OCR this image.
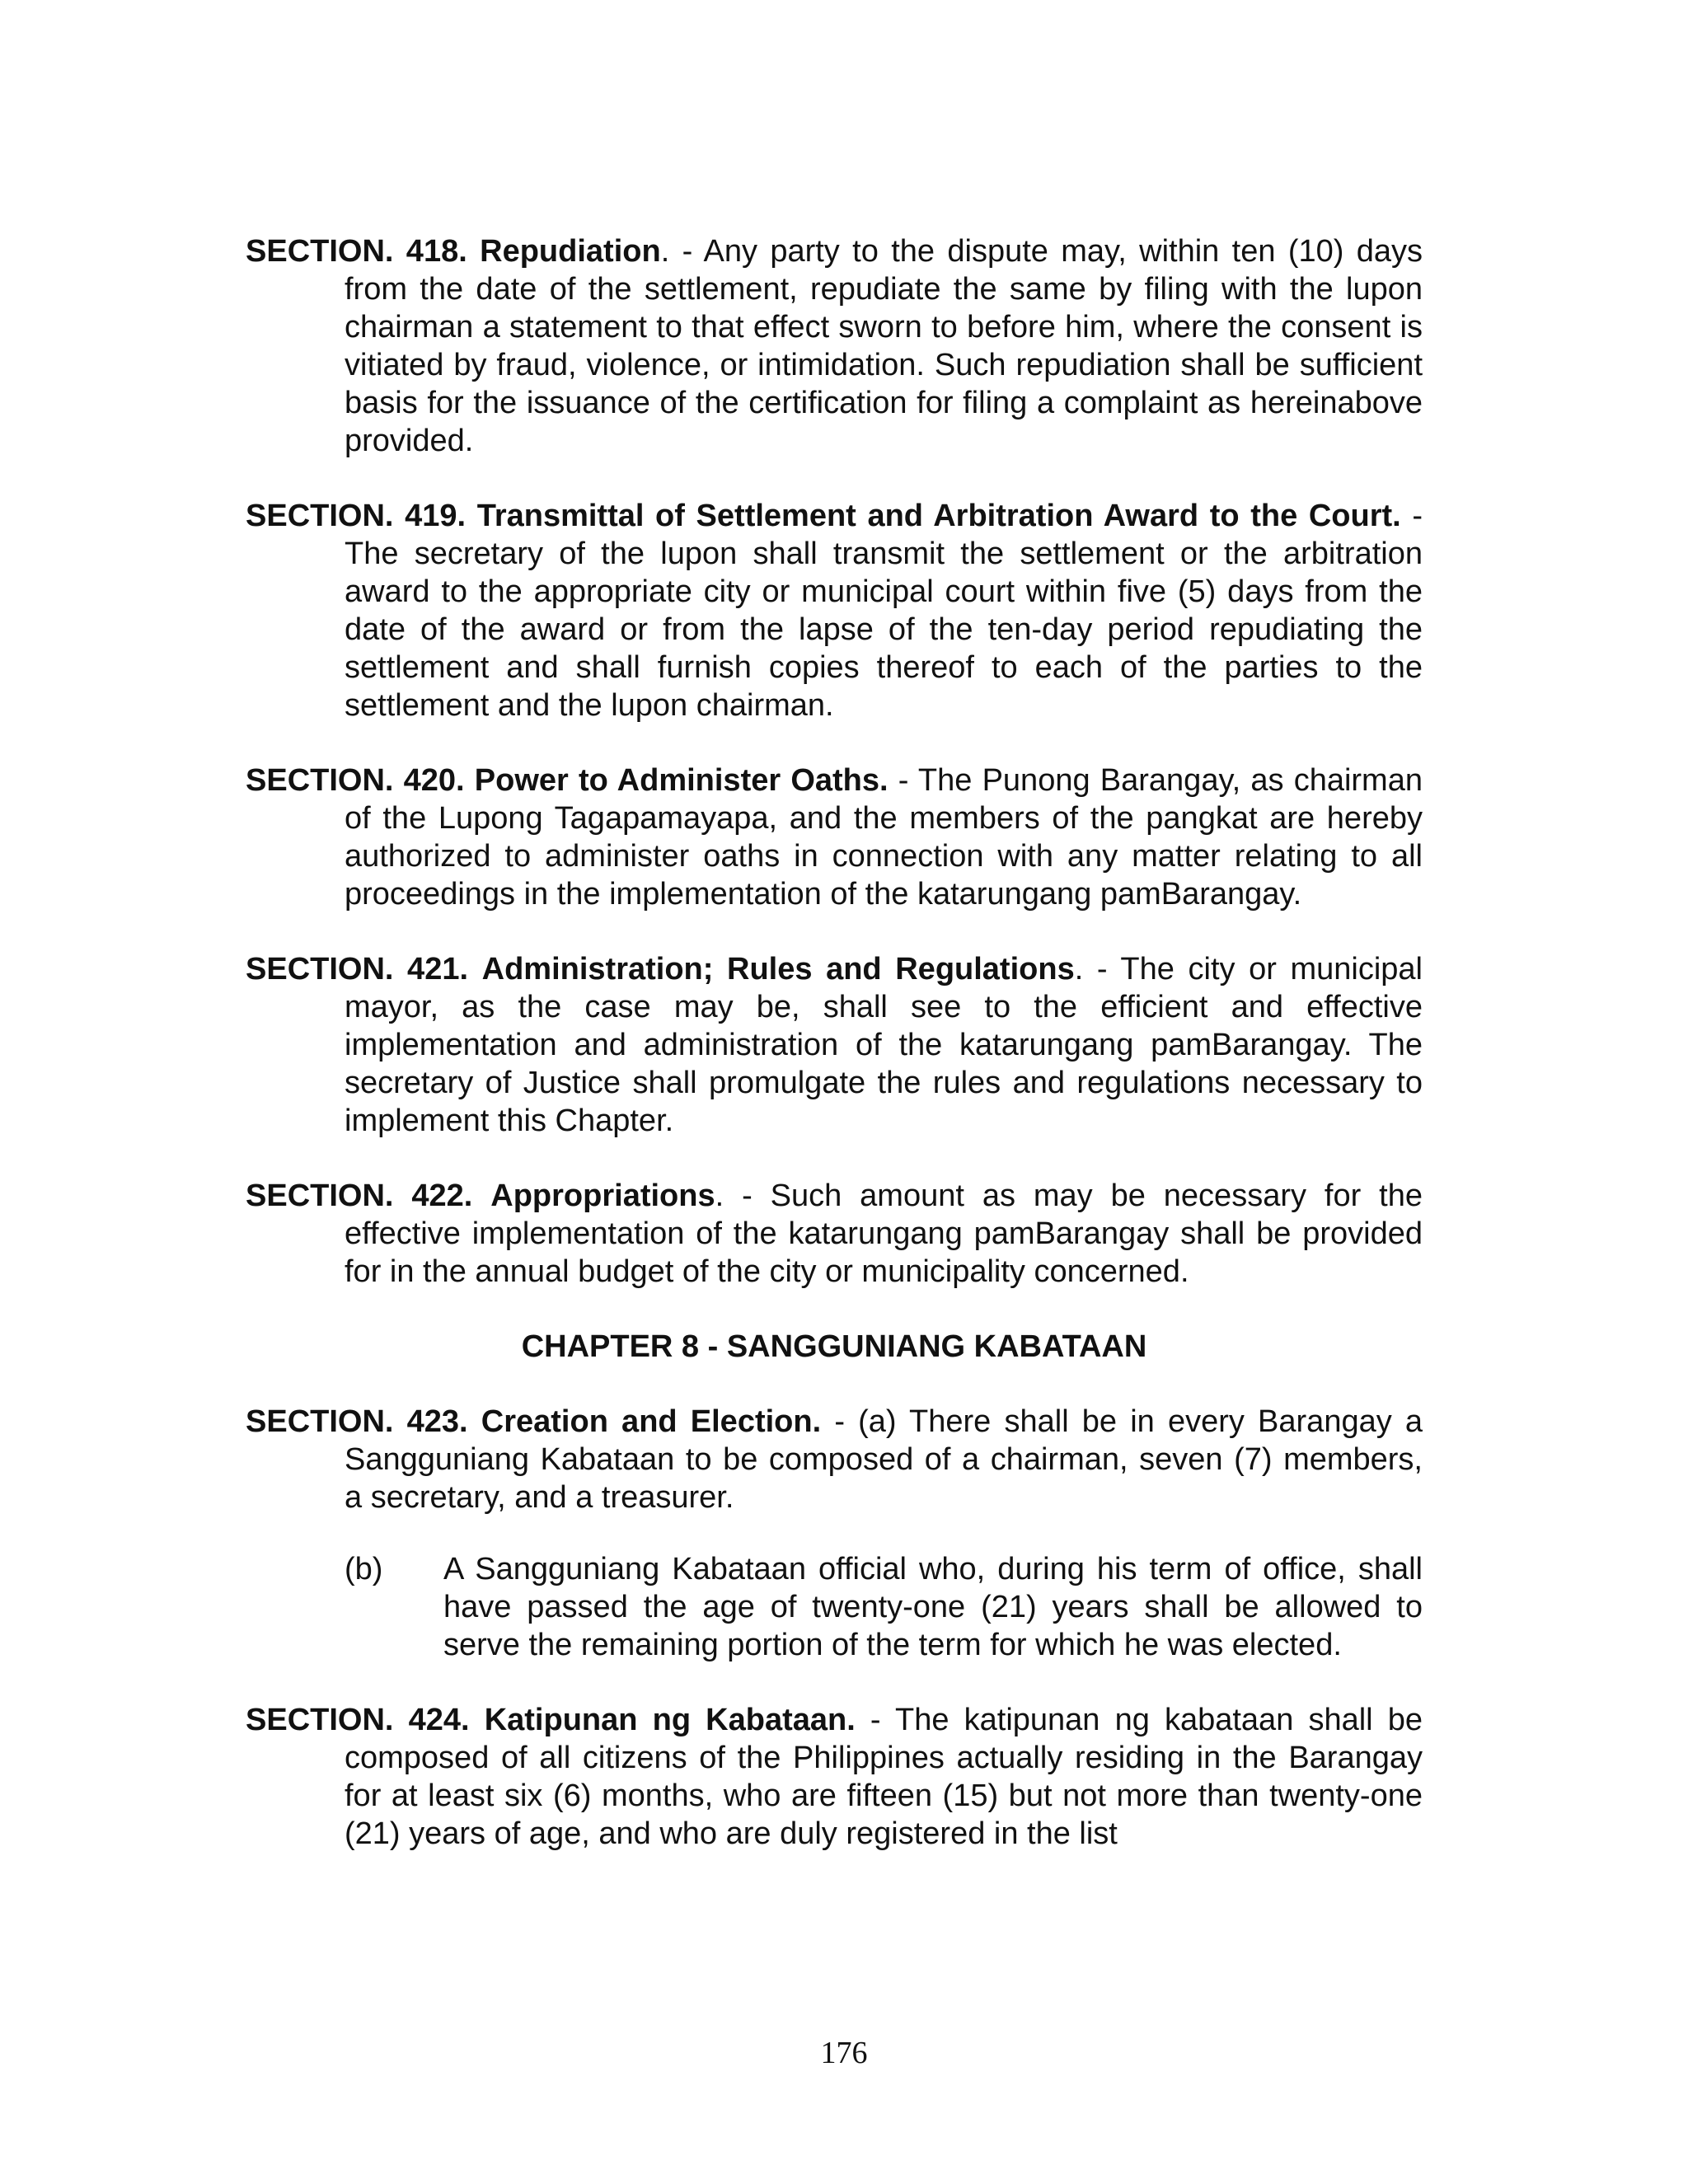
SECTION. 418. Repudiation. - Any party to the dispute may, within ten (10) days from the date of the settlement, repudiate the same by filing with the lupon chairman a statement to that effect sworn to before him, where the consent is vitiated by fraud, violence, or intimidation. Such repudiation shall be sufficient basis for the issuance of the certification for filing a complaint as hereinabove provided.

SECTION. 419. Transmittal of Settlement and Arbitration Award to the Court. - The secretary of the lupon shall transmit the settlement or the arbitration award to the appropriate city or municipal court within five (5) days from the date of the award or from the lapse of the ten-day period repudiating the settlement and shall furnish copies thereof to each of the parties to the settlement and the lupon chairman.

SECTION. 420. Power to Administer Oaths. - The Punong Barangay, as chairman of the Lupong Tagapamayapa, and the members of the pangkat are hereby authorized to administer oaths in connection with any matter relating to all proceedings in the implementation of the katarungang pamBarangay.

SECTION. 421. Administration; Rules and Regulations. - The city or municipal mayor, as the case may be, shall see to the efficient and effective implementation and administration of the katarungang pamBarangay. The secretary of Justice shall promulgate the rules and regulations necessary to implement this Chapter.

SECTION. 422. Appropriations. - Such amount as may be necessary for the effective implementation of the katarungang pamBarangay shall be provided for in the annual budget of the city or municipality concerned.

CHAPTER 8 - SANGGUNIANG KABATAAN

SECTION. 423. Creation and Election. - (a) There shall be in every Barangay a Sangguniang Kabataan to be composed of a chairman, seven (7) members, a secretary, and a treasurer.

(b)	A Sangguniang Kabataan official who, during his term of office, shall have passed the age of twenty-one (21) years shall be allowed to serve the remaining portion of the term for which he was elected.

SECTION. 424. Katipunan ng Kabataan. - The katipunan ng kabataan shall be composed of all citizens of the Philippines actually residing in the Barangay for at least six (6) months, who are fifteen (15) but not more than twenty-one (21) years of age, and who are duly registered in the list

176
